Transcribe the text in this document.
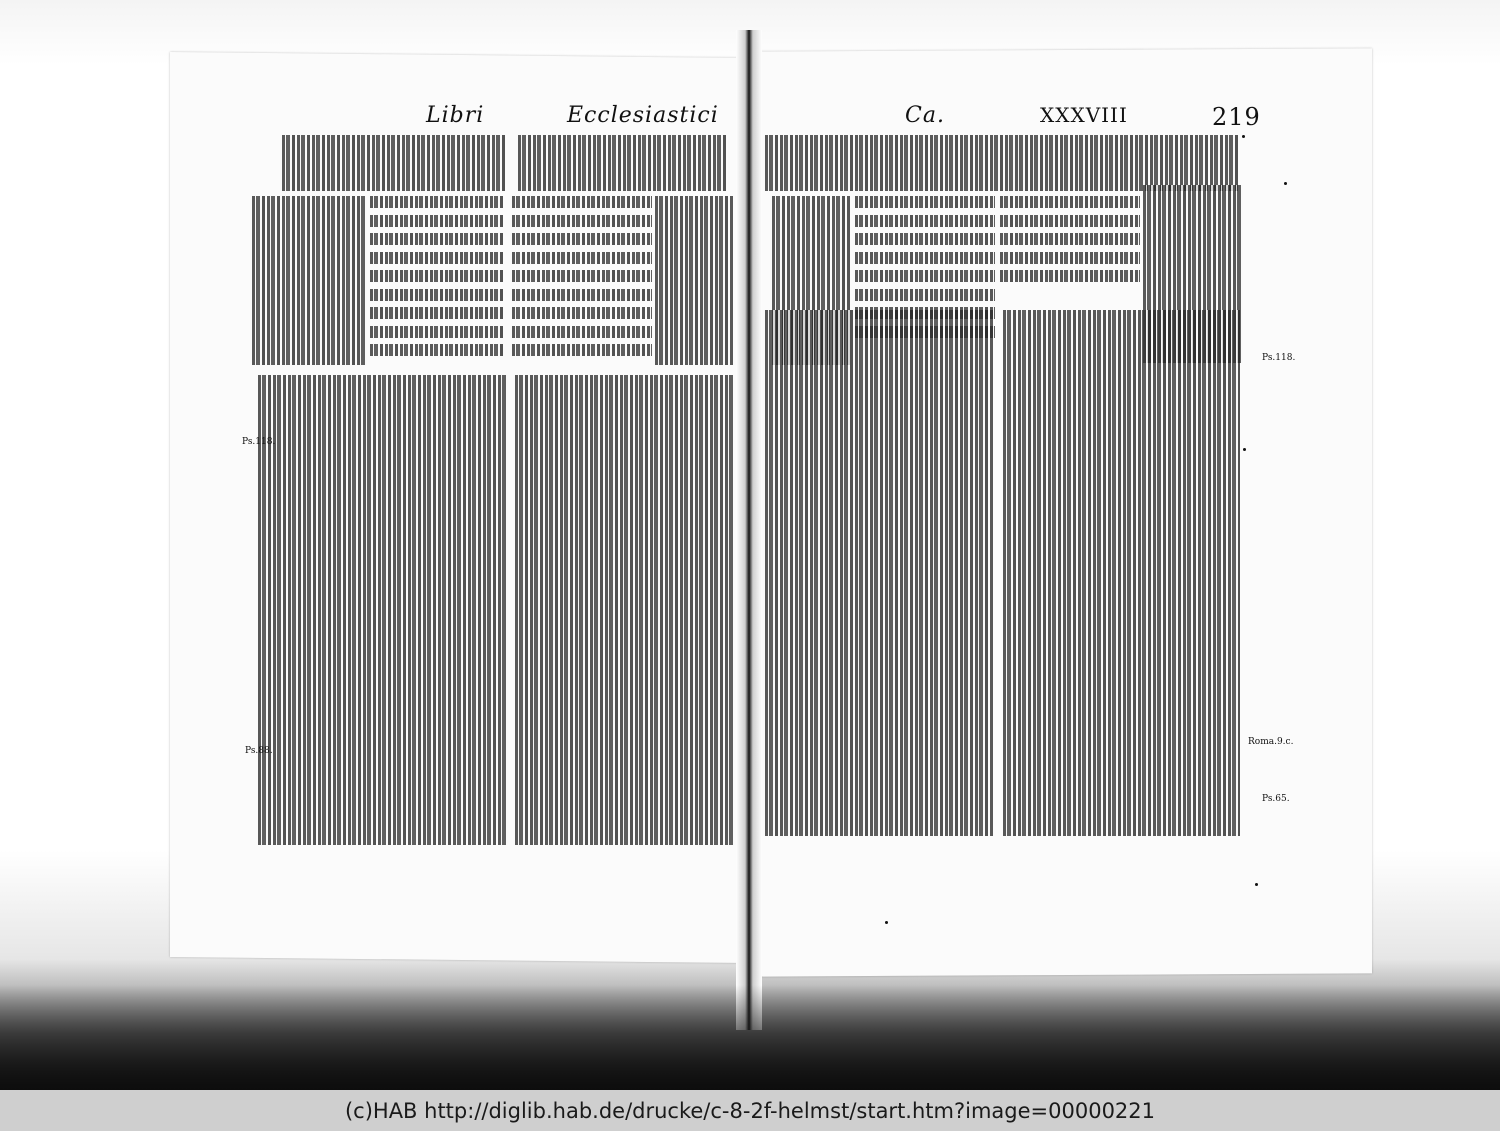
Libri	Ecclesiastici	Ca.	XXXVIII	219
Ps.118.
Ps.88.
Ps.118.
Roma.9.c.
Ps.65.
(c)HAB http://diglib.hab.de/drucke/c-8-2f-helmst/start.htm?image=00000221
